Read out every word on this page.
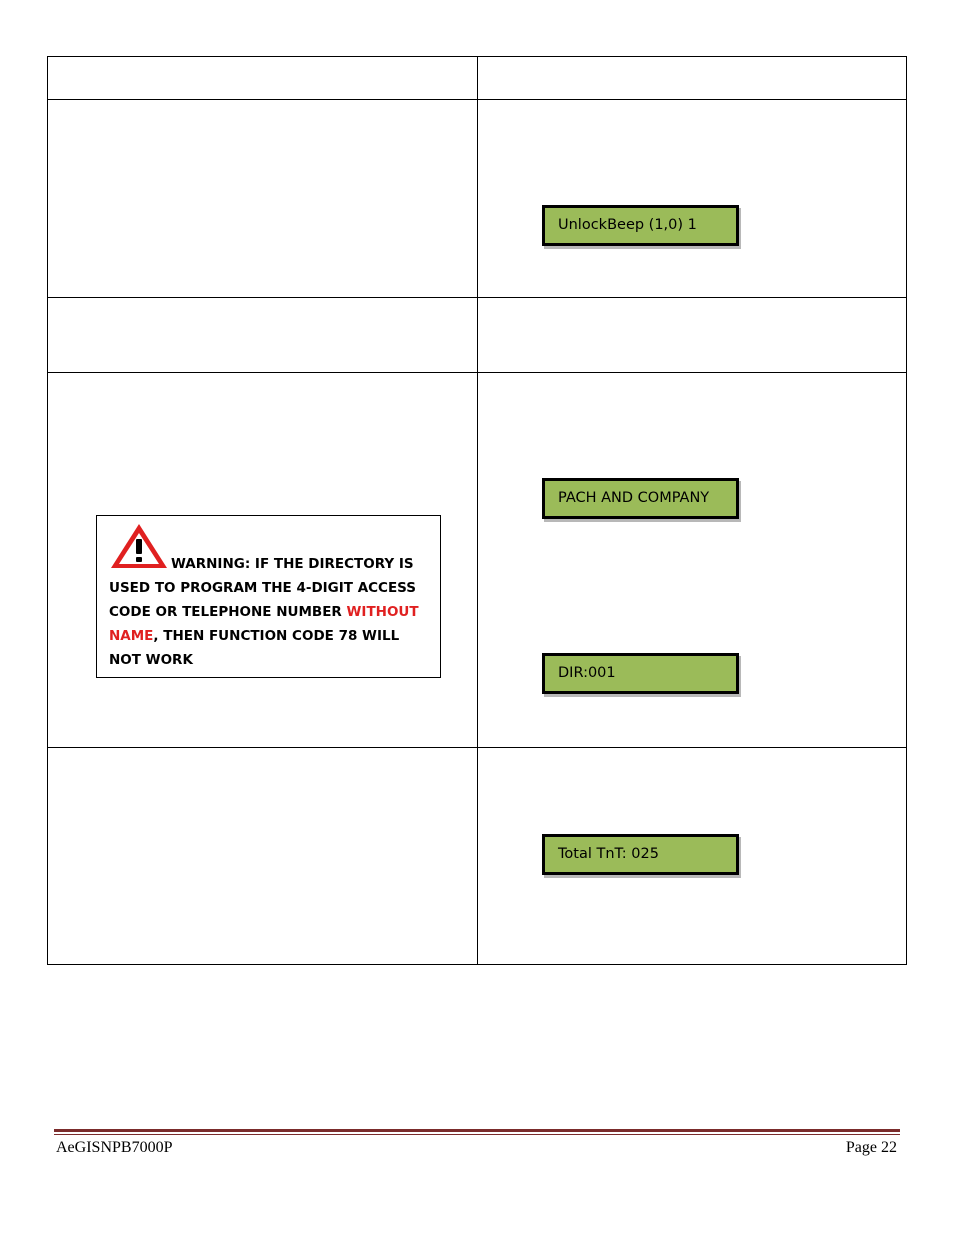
UnlockBeep (1,0) 1
PACH AND COMPANY
DIR:001
Total TnT: 025
WARNING: IF THE DIRECTORY IS USED TO PROGRAM THE 4-DIGIT ACCESS CODE OR TELEPHONE NUMBER WITHOUT NAME, THEN FUNCTION CODE 78 WILL NOT WORK
AeGISNPB7000P	Page 22
